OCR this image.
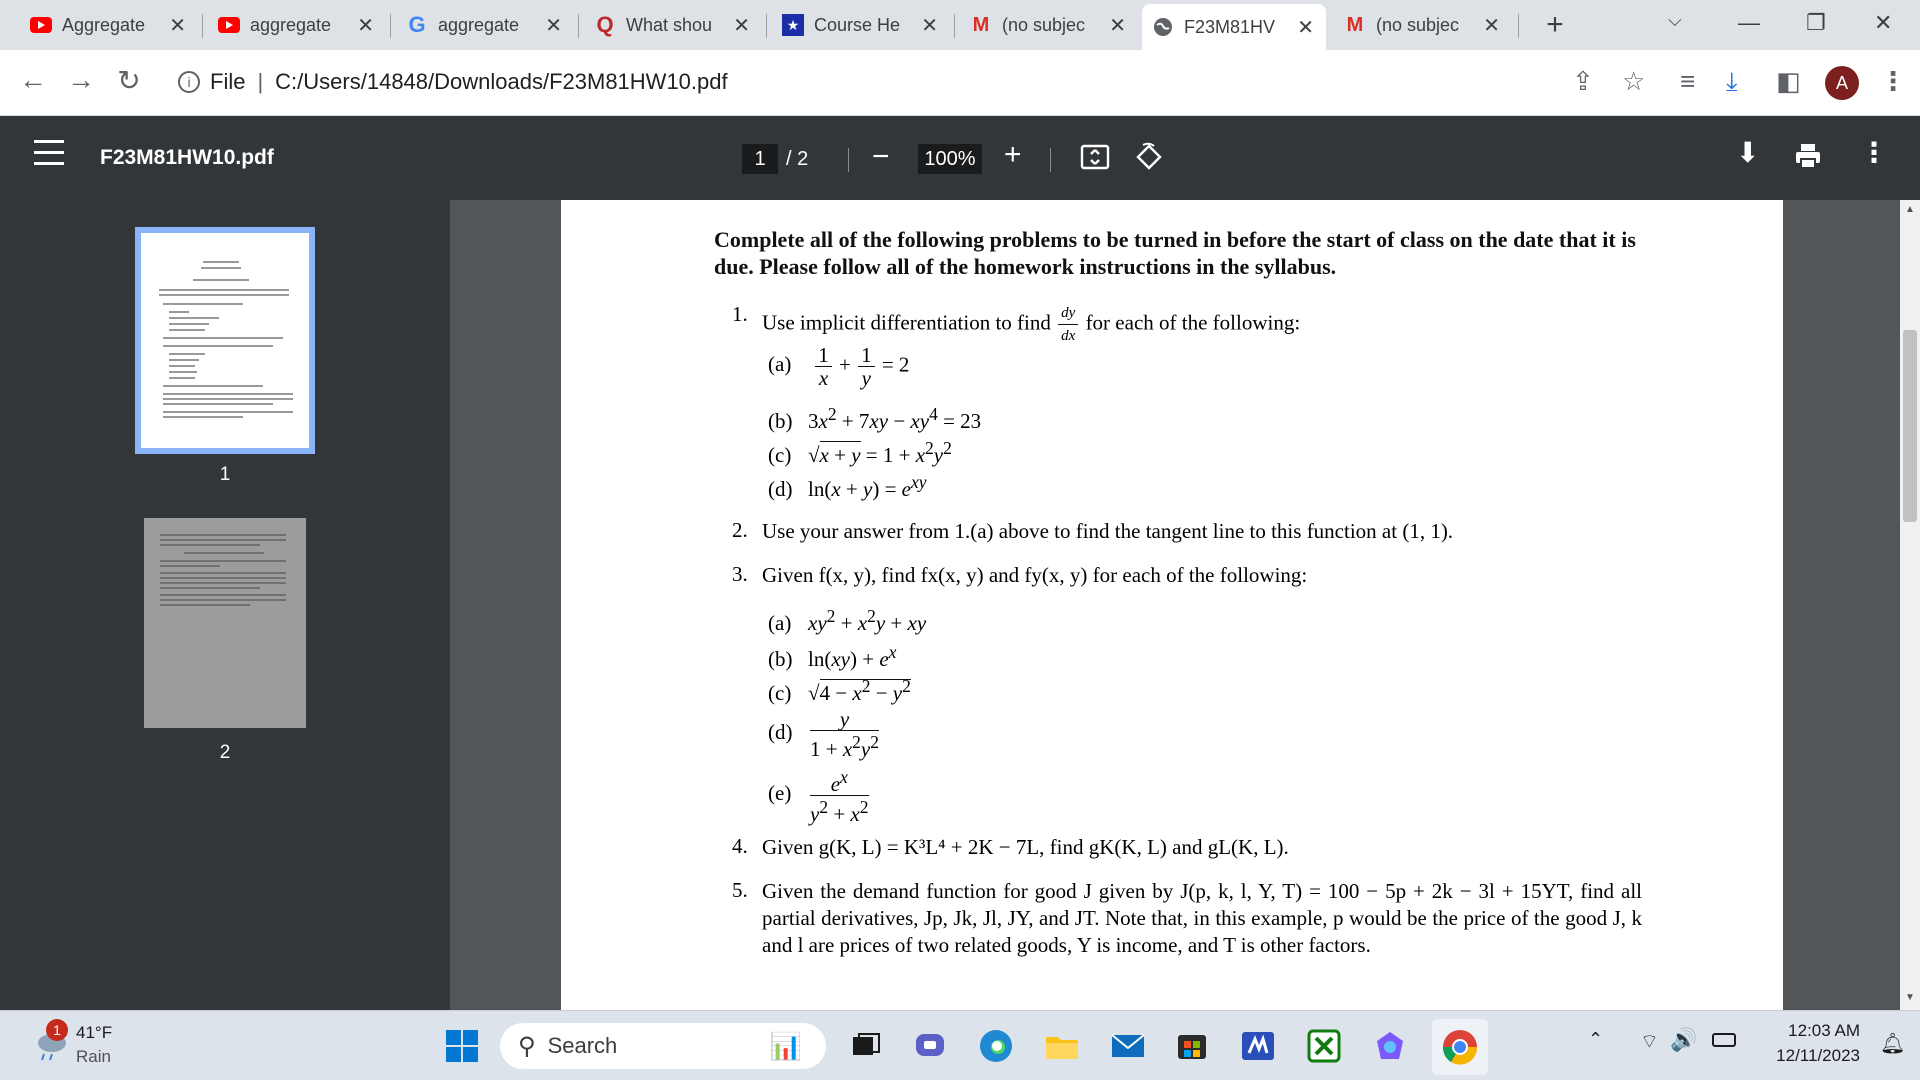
Aggregate	✕	aggregate	✕ G aggregate	✕ Q What shou	✕	★ Course He	✕ M (no subjec	✕	F23M81HV	✕ M (no subjec	✕ +	⌵	— ❐ ✕
← → ↻	i File | C:/Users/14848/Downloads/F23M81HW10.pdf	⇪ ☆ ≡ ⤓ ◧	A	⋮
F23M81HW10.pdf	1	/ 2 −	100% +	⬇	⋮
1
2
Complete all of the following problems to be turned in before the start of class on the date that it is due. Please follow all of the homework instructions in the syllabus.
1. Use implicit differentiation to find $\frac{dy}{dx}$ for each of the following:
$(a) \frac{1}{x} + \frac{1}{y} = 2$
(b) $3x^2 + 7xy - xy^4 = 23$
(c) $√x + y = 1 + x^2y^2$
(d) $\ln(x + y) = e^{xy}$
2. Use your answer from 1.(a) above to find the tangent line to this function at (1, 1).
3. Given f(x, y), find fx(x, y) and fy(x, y) for each of the following:
(a) $xy^2 + x^2y$ + xy
(b) $\ln(xy) + e^x$
(c) $√4 - x^2 - y^2$
$(d) \frac{y}{1 + x^2y^2}$
$(e) \frac{e^x}{y^2 + x^2}$
4. Given g(K, L) = K³L⁴ + 2K − 7L, find gK(K, L) and gL(K, L).
5. Given the demand function for good J given by J(p, k, l, Y, T) = 100 − 5p + 2k − 3l + 15YT, find all partial derivatives, Jp, Jk, Jl, JY, and JT. Note that, in this example, p would be the price of the good J, k and l are prices of two related goods, Y is income, and T is other factors.
▲
▼
1 41°F
Rain	⚲ Search	📊	⌃ ⌔ 🔊	12:03 AM
12/11/2023
🔔︎
